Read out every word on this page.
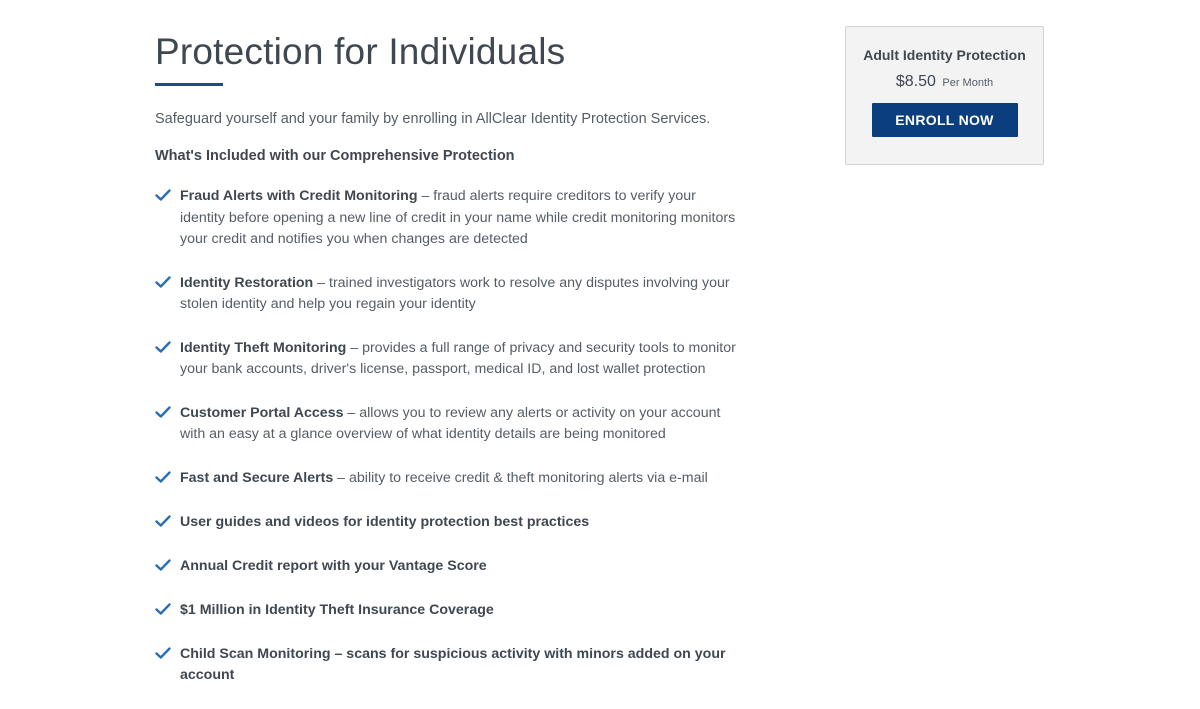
Protection for Individuals
Safeguard yourself and your family by enrolling in AllClear Identity Protection Services.
What's Included with our Comprehensive Protection
Fraud Alerts with Credit Monitoring – fraud alerts require creditors to verify your identity before opening a new line of credit in your name while credit monitoring monitors your credit and notifies you when changes are detected
Identity Restoration – trained investigators work to resolve any disputes involving your stolen identity and help you regain your identity
Identity Theft Monitoring – provides a full range of privacy and security tools to monitor your bank accounts, driver's license, passport, medical ID, and lost wallet protection
Customer Portal Access – allows you to review any alerts or activity on your account with an easy at a glance overview of what identity details are being monitored
Fast and Secure Alerts – ability to receive credit & theft monitoring alerts via e-mail
User guides and videos for identity protection best practices
Annual Credit report with your Vantage Score
$1 Million in Identity Theft Insurance Coverage
Child Scan Monitoring – scans for suspicious activity with minors added on your account
Adult Identity Protection
$8.50 Per Month
ENROLL NOW
